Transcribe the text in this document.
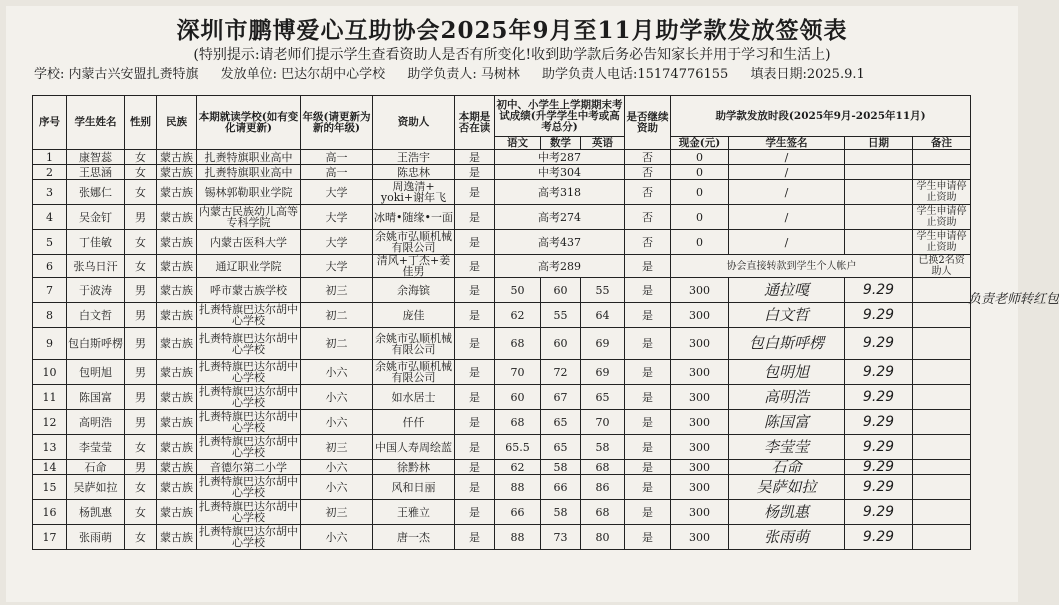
深圳市鹏博爱心互助协会2025年9月至11月助学款发放签领表
(特别提示:请老师们提示学生查看资助人是否有所变化!收到助学款后务必告知家长并用于学习和生活上)
学校: 内蒙古兴安盟扎赉特旗 发放单位: 巴达尔胡中心学校 助学负责人: 马树林 助学负责人电话:15174776155 填表日期:2025.9.1
序号	学生姓名	性别	民族	本期就读学校(如有变化请更新)	年级(请更新为新的年级)	资助人	本期是否在读	初中、小学生上学期期末考试成绩(升学学生中考或高考总分)			是否继续资助	助学款发放时段(2025年9月-2025年11月)			
								语文	数学	英语		现金(元)	学生签名	日期	备注
1	康智蕊	女	蒙古族	扎赉特旗职业高中	高一	王浩宇	是	中考287			否	0	/		
2	王思涵	女	蒙古族	扎赉特旗职业高中	高一	陈忠林	是	中考304			否	0	/		
3	张娜仁	女	蒙古族	锡林郭勒职业学院	大学	周逸清+ yoki+谢年飞	是	高考318			否	0	/		学生申请停止资助
4	吴金钉	男	蒙古族	内蒙古民族幼儿高等专科学院	大学	冰晴•随缘•一面	是	高考274			否	0	/		学生申请停止资助
5	丁佳敏	女	蒙古族	内蒙古医科大学	大学	余姚市弘顺机械有限公司	是	高考437			否	0	/		学生申请停止资助
6	张乌日汗	女	蒙古族	通辽职业学院	大学	清风+丁杰+姜佳男	是	高考289			是	协会直接转款到学生个人帐户			已换2名资助人
7	于波涛	男	蒙古族	呼市蒙古族学校	初三	余海镔	是	50	60	55	是	300	通拉嘎	9.29	
8	白文哲	男	蒙古族	扎赉特旗巴达尔胡中心学校	初二	庞佳	是	62	55	64	是	300	白文哲	9.29	
9	包白斯呼楞	男	蒙古族	扎赉特旗巴达尔胡中心学校	初二	余姚市弘顺机械有限公司	是	68	60	69	是	300	包白斯呼楞	9.29	
10	包明旭	男	蒙古族	扎赉特旗巴达尔胡中心学校	小六	余姚市弘顺机械有限公司	是	70	72	69	是	300	包明旭	9.29	
11	陈国富	男	蒙古族	扎赉特旗巴达尔胡中心学校	小六	如水居士	是	60	67	65	是	300	高明浩	9.29	
12	高明浩	男	蒙古族	扎赉特旗巴达尔胡中心学校	小六	仟仟	是	68	65	70	是	300	陈国富	9.29	
13	李莹莹	女	蒙古族	扎赉特旗巴达尔胡中心学校	初三	中国人寿周绘蓝	是	65.5	65	58	是	300	李莹莹	9.29	
14	石命	男	蒙古族	音德尔第二小学	小六	徐黔林	是	62	58	68	是	300	石命	9.29	
15	吴萨如拉	女	蒙古族	扎赉特旗巴达尔胡中心学校	小六	风和日丽	是	88	66	86	是	300	吴萨如拉	9.29	
16	杨凯惠	女	蒙古族	扎赉特旗巴达尔胡中心学校	初三	王雅立	是	66	58	68	是	300	杨凯惠	9.29	
17	张雨萌	女	蒙古族	扎赉特旗巴达尔胡中心学校	小六	唐一杰	是	88	73	80	是	300	张雨萌	9.29	
负责老师转红包
